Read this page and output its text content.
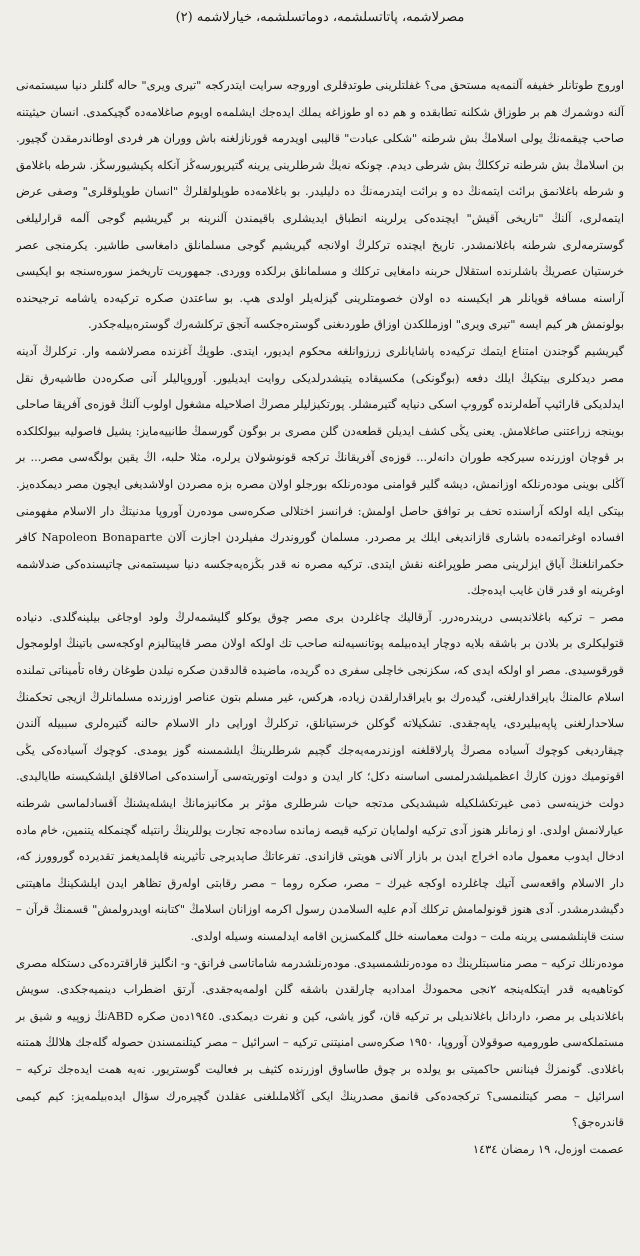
مصرلاشمه، پاتاتسلشمه، دوماتسلشمه، خيارلاشمه (٢)

اوروج طوتانلر خفيفه آلنمه‌يه مستحق مى؟ غفلتلرينى طوتدقلرى اوروجه سرايت ايتدركجه "تيرى ويرى" حالە گلنلر دنيا سيستمه‌نى آلنه دوشمرك هم بر طوزاق شكلنه تطابقده و هم ده او طوزاغه يملك ايده‌جك ايشلمه‌ه اويوم صاغلامه‌ده گچيكمدى. انسان حيثيتنه صاحب چيقمه‌نڭ يولى اسلامڭ بش شرطنه "شكلى عبادت" قاليبى اويدرمه قورنازلغنه باش ووران هر فردى اوطاندرمقدن گچيور. بن اسلامڭ بش شرطنه ترككلڭ بش شرطى ديدم. چونكه نه‌يڭ شرطلرينى يرينه گتيريورسه‌ڭز آنكله پكيشيورسڭز. شرطه باغلامق و شرطه باغلانمق برائت ايتمه‌نڭ ده و برائت ايتدرمه‌نڭ ده دليليدر. بو باغلامه‌ده طوپلولقلرڭ "انسان طوپلوقلرى" وصفى عرض ايتمه‌لرى، آلنڭ "تاريخى آقيش" ايچنده‌كى يرلرينه انطباق ايديشلرى باقيمندن آلنرينه بر گيريشيم گوجى آلمه قرارليلغى گوسترمه‌لرى شرطنه باغلانمشدر. تاريخ ايچنده تركلرڭ اولانجه گيريشيم گوجى مسلمانلق دامغاسى طاشير. يكرمنجى عصر خرستيان عصريڭ باشلرنده استقلال حربنه دامغايى تركلك و مسلمانلق برلكده ووردى. جمهوريت تاريخمز سوره‌سنجه بو ايكيسى آراسنه مسافه قويانلر هر ايكيسنه ده اولان خصومتلرينى گيزله‌يلر اولدى هپ. بو ساعتدن صكره تركيه‌ده ياشامه ترجيحنده بولونمش هر كيم ايسه "تيرى ويرى" اوزمللكدن اوزاق طوردىغنى گوستره‌جكسه آنجق تركلشه‌رك گوستره‌بيله‌جكدر.

گيريشيم گوجندن امتناع ايتمك تركيه‌ده پاشايانلرى زرزوانلغه محكوم ايديور، ايتدى. طوپڭ آغزنده مصرلاشمه وار. تركلرڭ آدينه مصر ديدكلرى بيتكيڭ ايلك دفعه (بوگونكى) مكسيقاده يتيشدرلديكى روايت ايديليور. آوروپاليلر آنى صكره‌دن طاشيه‌رق نقل ايدلديكى قارائيپ آطه‌لرنده گوروپ اسكى دنيايه گتيرمشلر. پورتكيزليلر مصرڭ اصلاحيله مشغول اولوب آلنڭ قوزه‌ى آفريقا صاحلى بوينجه زراعتنى صاغلامش. يعنى يڭى كشف ايديلن قطعه‌دن گلن مصرى بر بوگون گورسمڭ طانييه‌مايز: يشيل فاصوليه بيولكلكده بر قوچان اوزرنده سيركجه طوران دانەلر... قوزه‌ى آفريقانڭ تركجه قونوشولان يرلره، مثلا حلبه، اڭ يقين بولگه‌سى مصر... بر آڭلى بوينى موده‌رنلكه اوزانمش، ديشه گلير قوامنى موده‌رنلكه بورجلو اولان مصره بزه مصردن اولاشديغى ايچون مصر ديمكده‌يز. بيتكى ايله اولكه آراسنده تحف بر توافق حاصل اولمش: فرانسز اختلالى صكره‌سى موده‌رن آوروپا مدنيتڭ دار الاسلام مفهومنى افساده اوغراتمه‌ده باشارى قازانديغى ايلك ير مصردر. مسلمان گوروندرك مفيلردن اجازت آلان Napoleon Bonaparte كافر حكمرانلغنڭ آياق ايزلرينى مصر طوپراغنه نقش ايتدى. تركيه مصره نه قدر بڭزه‌يه‌جكسه دنيا سيستمه‌نى چاتيسنده‌كى ضدلاشمه اوغرينه او قدر قان غايب ايده‌جك.

مصر – تركيه باغلانديسى دريندره‌درر. آرقاليك چاغلردن برى مصر چوق يوكلو گليشمه‌لرڭ ولود اوجاغى بيلينه‌گلدى. دنياده قتوليكلرى بر بلادن بر باشقه بلايه دوچار ايده‌بيلمه پوتانسيه‌لنه صاحب تك اولكه اولان مصر قاپيتاليزم اوكجه‌سى باتينڭ اولومجول قورقوسيدى. مصر او اولكه ايدى كه، سكزنجى خاچلى سفرى ده گريده، ماضيده قالدقدن صكره نيلدن طوغان رفاه تأميناتى تملنده اسلام عالمنڭ بايراقدارلغنى، گيده‌رك بو بايراقدارلقدن زياده، هركس، غير مسلم بتون عناصر اوزرنده مسلمانلرڭ ازيجى تحكمنڭ سلاحدارلغنى پاپه‌بيليردى، ياپه‌جقدى. تشكيلاته گوكلن خرستيانلق، تركلرڭ اورايى دار الاسلام حالنه گتيره‌لرى سببيله آلندن چيقارديغى كوچوك آسياده مصرڭ پارلاقلغنه اوزندرمه‌يه‌جك گچيم شرطلرينڭ ايلشمسنه گوز يومدى. كوچوك آسياده‌كى يڭى اقونوميك دوزن كارڭ اعظميلشدرلمسى اساسنه دكل؛ كار ايدن و دولت اوتوريته‌سى آراسنده‌كى اصالاقلق ايلشكيسنه طاياليدى. دولت خزينه‌سى ذمى غيرتكشلكيله شيشديكى مدتجه حيات شرطلرى مؤثر بر مكانيزمانڭ ايشله‌يشنڭ آقسادلماسى شرطنه عيارلانمش اولدى. او زمانلر هنوز آدى تركيه اولمايان تركيه قيصه زمانده سادەجه تجارت يوللرينڭ رانتيله گچنمكله يتنمين، خام ماده ادخال ايدوب معمول ماده اخراج ايدن بر بازار آلانى هويتى قازاندى. تفرعاتڭ صاپديرجى تأثيرينه قاپلمديغمز تقديرده گوروورز كه، دار الاسلام واقعه‌سى آتيك چاغلرده اوكجه غيرك – مصر، صكره روما – مصر رقابتى اولەرق تظاهر ايدن ايلشكينڭ ماهيتنى دگيشدرمشدر. آدى هنوز قونولمامش تركلك آدم عليه السلامدن رسول اكرمه اوزانان اسلامڭ "كتابنه اويدرولمش" قسمنڭ قرآن – سنت قاپنلشمسى يرينه ملت – دولت معماسنه خلل گلمكسزين اقامه ايدلمسنه وسيله اولدى.

موده‌رنلك تركيه – مصر مناسبتلرينڭ ده موده‌رنلشمسيدى. موده‌رنلشدرمه شاماتاسى فرانق- و- انگليز قاراقترده‌كى دستكله مصرى كوتاهيه‌يه قدر ايتكله‌ينجه ٢نجى محمودڭ امداديه چارلقدن باشقه گلن اولمه‌يه‌جقدى. آرتق اضطراب دينميه‌جكدى. سويش باغلانديلى بر مصر، داردانل باغلانديلى بر تركيه قان، گوز ياشى، كين و نفرت ديمكدى. ١٩٤٥ده‌ن صكره ABDنڭ زوپيه و شيق بر مستملكه‌سى طوروميه صوقولان آوروپا، ١٩٥٠ صكره‌سى امنيتنى تركيه – اسرائيل – مصر كيتلنمسندن حصوله گله‌جك هلالڭ همتنه باغلادى. گونمزڭ فينانس حاكميتى بو يولده بر چوق طاساوق اوزرنده كثيف بر فعاليت گوستريور. نه‌يه همت ايده‌جك تركيه – اسرائيل – مصر كيتلنمسى؟ تركجه‌ده‌كى قانمق مصدرينڭ ايكى آڭلاملىلغنى عقلدن گچيره‌رك سؤال ايده‌بيلمه‌يز: كيم كيمى قاندره‌جق؟

عصمت اوزەل، ١٩ رمضان ١٤٣٤
